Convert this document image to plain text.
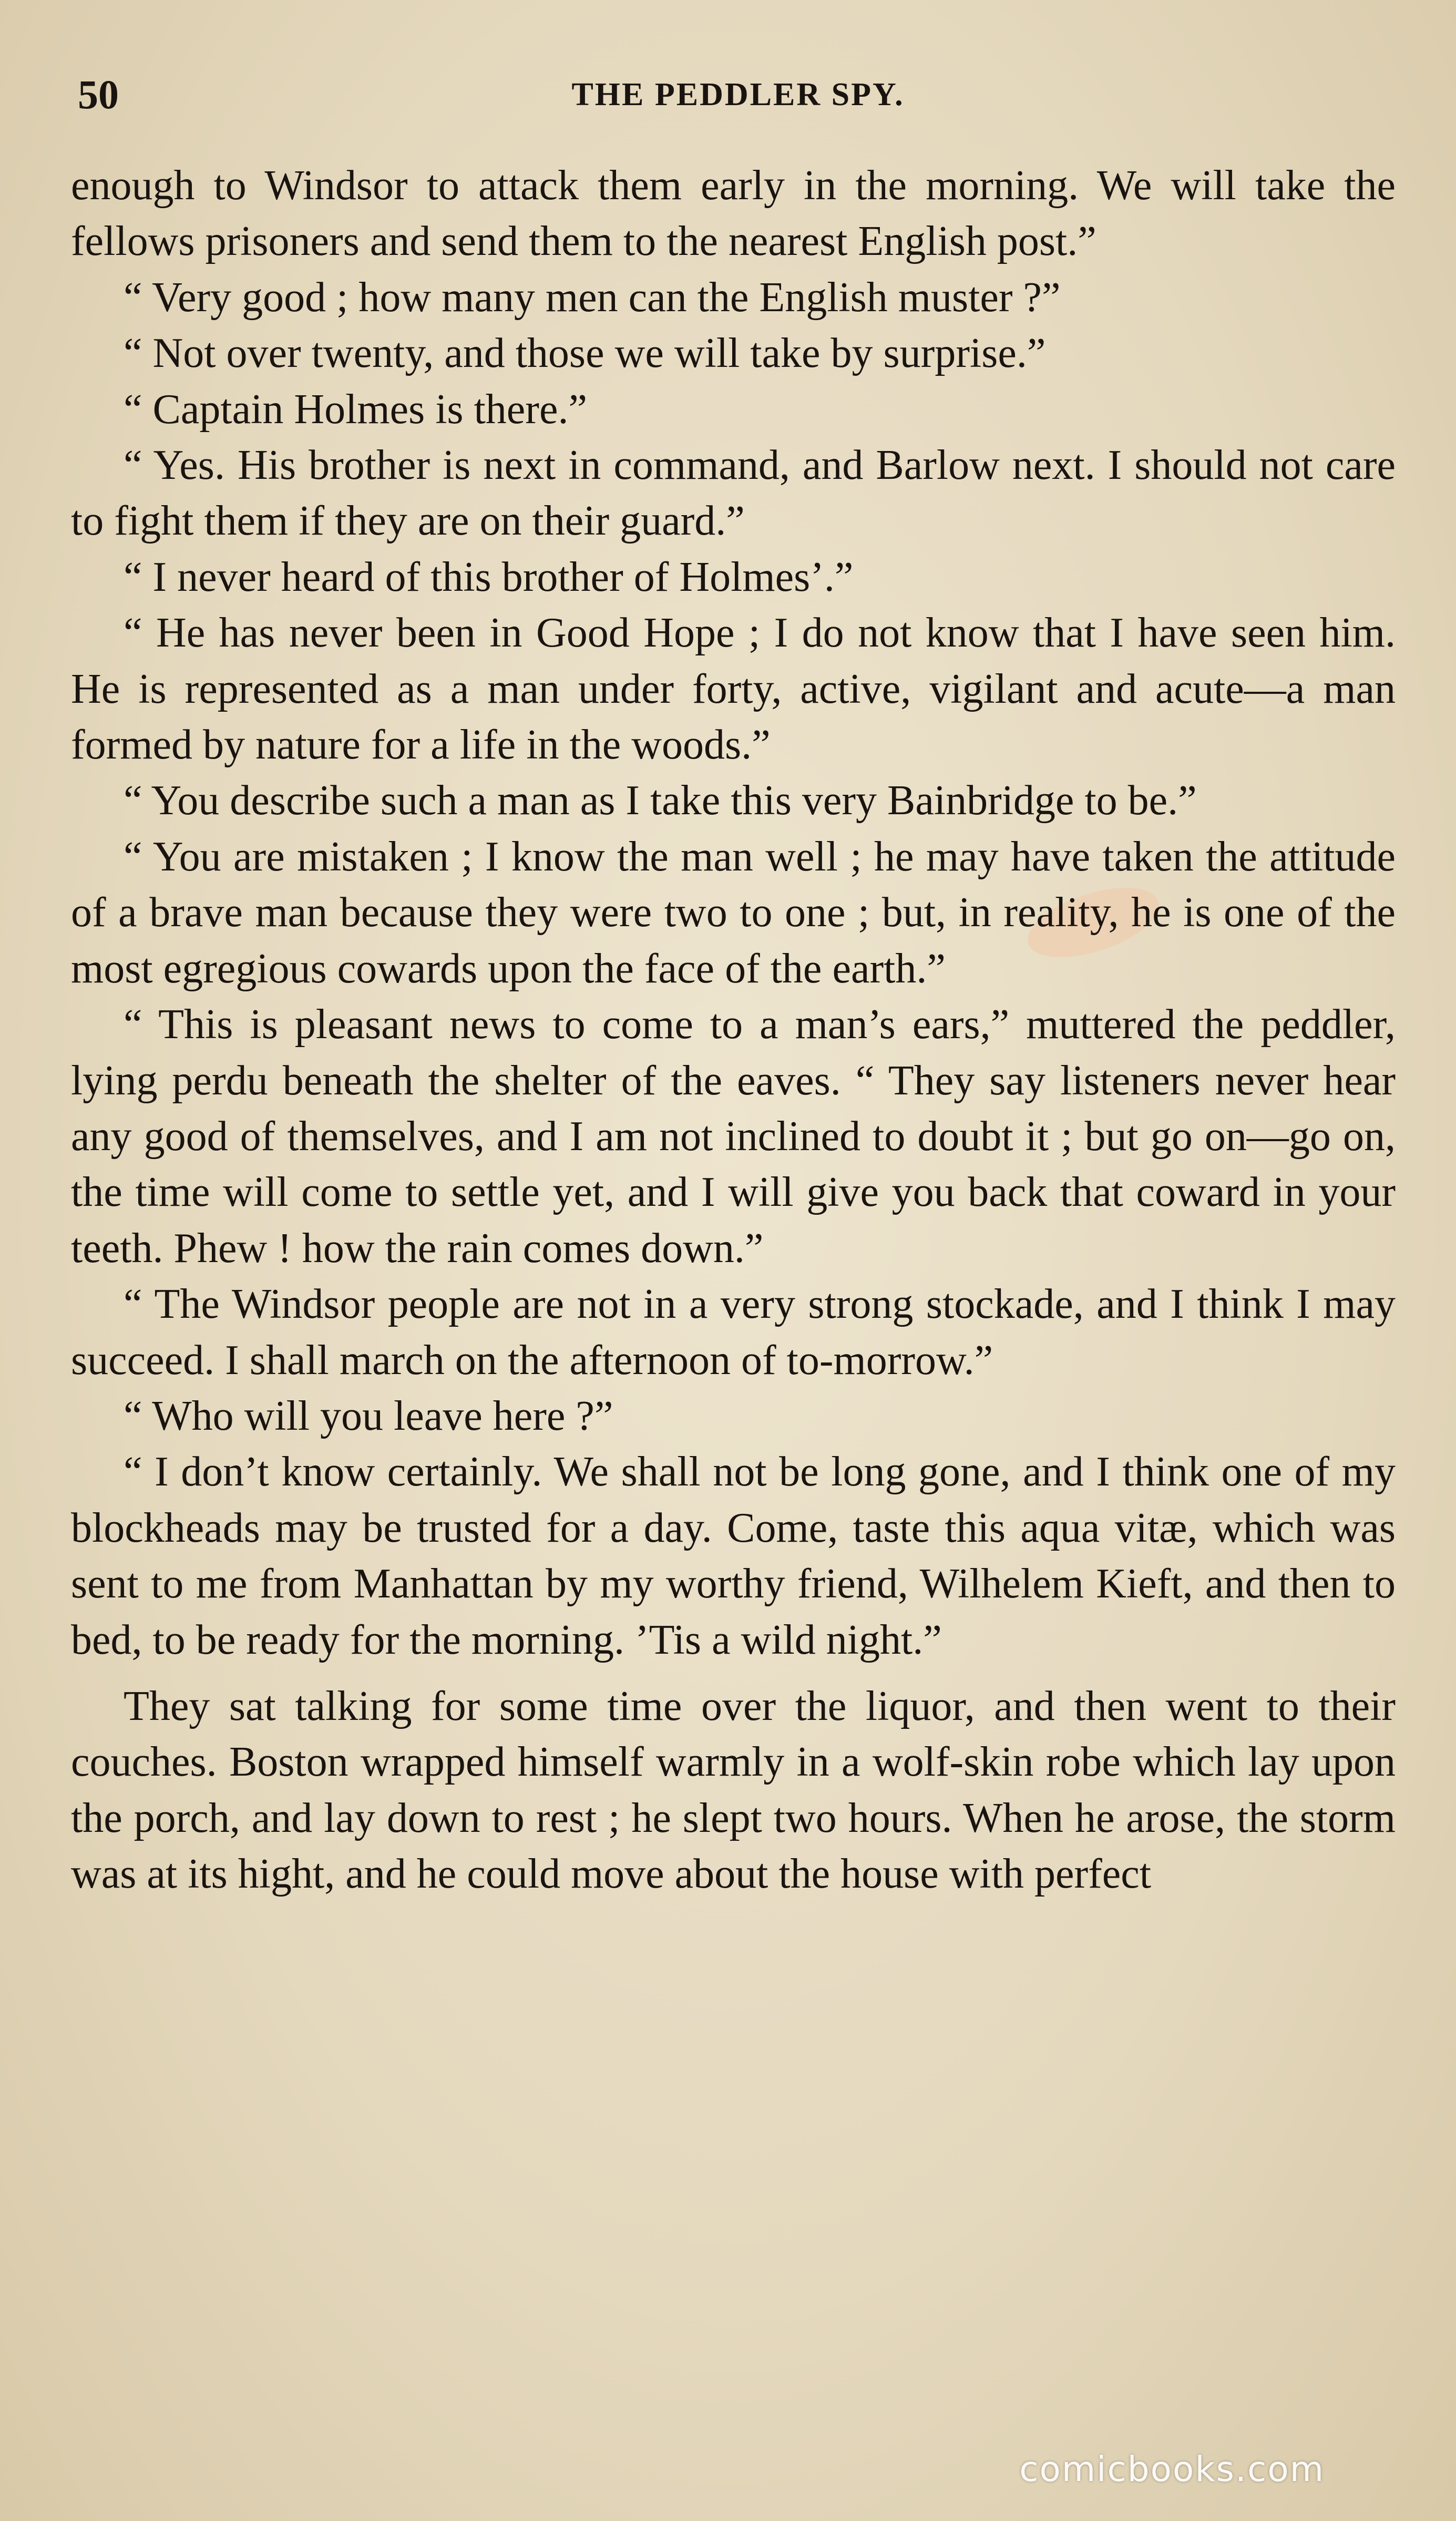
50	THE PEDDLER SPY.

enough to Windsor to attack them early in the morning. We will take the fellows prisoners and send them to the nearest English post.”

“ Very good ; how many men can the English muster ?”

“ Not over twenty, and those we will take by surprise.”

“ Captain Holmes is there.”

“ Yes. His brother is next in command, and Barlow next. I should not care to fight them if they are on their guard.”

“ I never heard of this brother of Holmes’.”

“ He has never been in Good Hope ; I do not know that I have seen him. He is represented as a man under forty, active, vigilant and acute—a man formed by nature for a life in the woods.”

“ You describe such a man as I take this very Bainbridge to be.”

“ You are mistaken ; I know the man well ; he may have taken the attitude of a brave man because they were two to one ; but, in reality, he is one of the most egregious cowards upon the face of the earth.”

“ This is pleasant news to come to a man’s ears,” muttered the peddler, lying perdu beneath the shelter of the eaves. “ They say listeners never hear any good of themselves, and I am not inclined to doubt it ; but go on—go on, the time will come to settle yet, and I will give you back that coward in your teeth. Phew ! how the rain comes down.”

“ The Windsor people are not in a very strong stockade, and I think I may succeed. I shall march on the afternoon of to-morrow.”

“ Who will you leave here ?”

“ I don’t know certainly. We shall not be long gone, and I think one of my blockheads may be trusted for a day. Come, taste this aqua vitæ, which was sent to me from Manhattan by my worthy friend, Wilhelem Kieft, and then to bed, to be ready for the morning. ’Tis a wild night.”

They sat talking for some time over the liquor, and then went to their couches. Boston wrapped himself warmly in a wolf-skin robe which lay upon the porch, and lay down to rest ; he slept two hours. When he arose, the storm was at its hight, and he could move about the house with perfect

comicbooks.com
